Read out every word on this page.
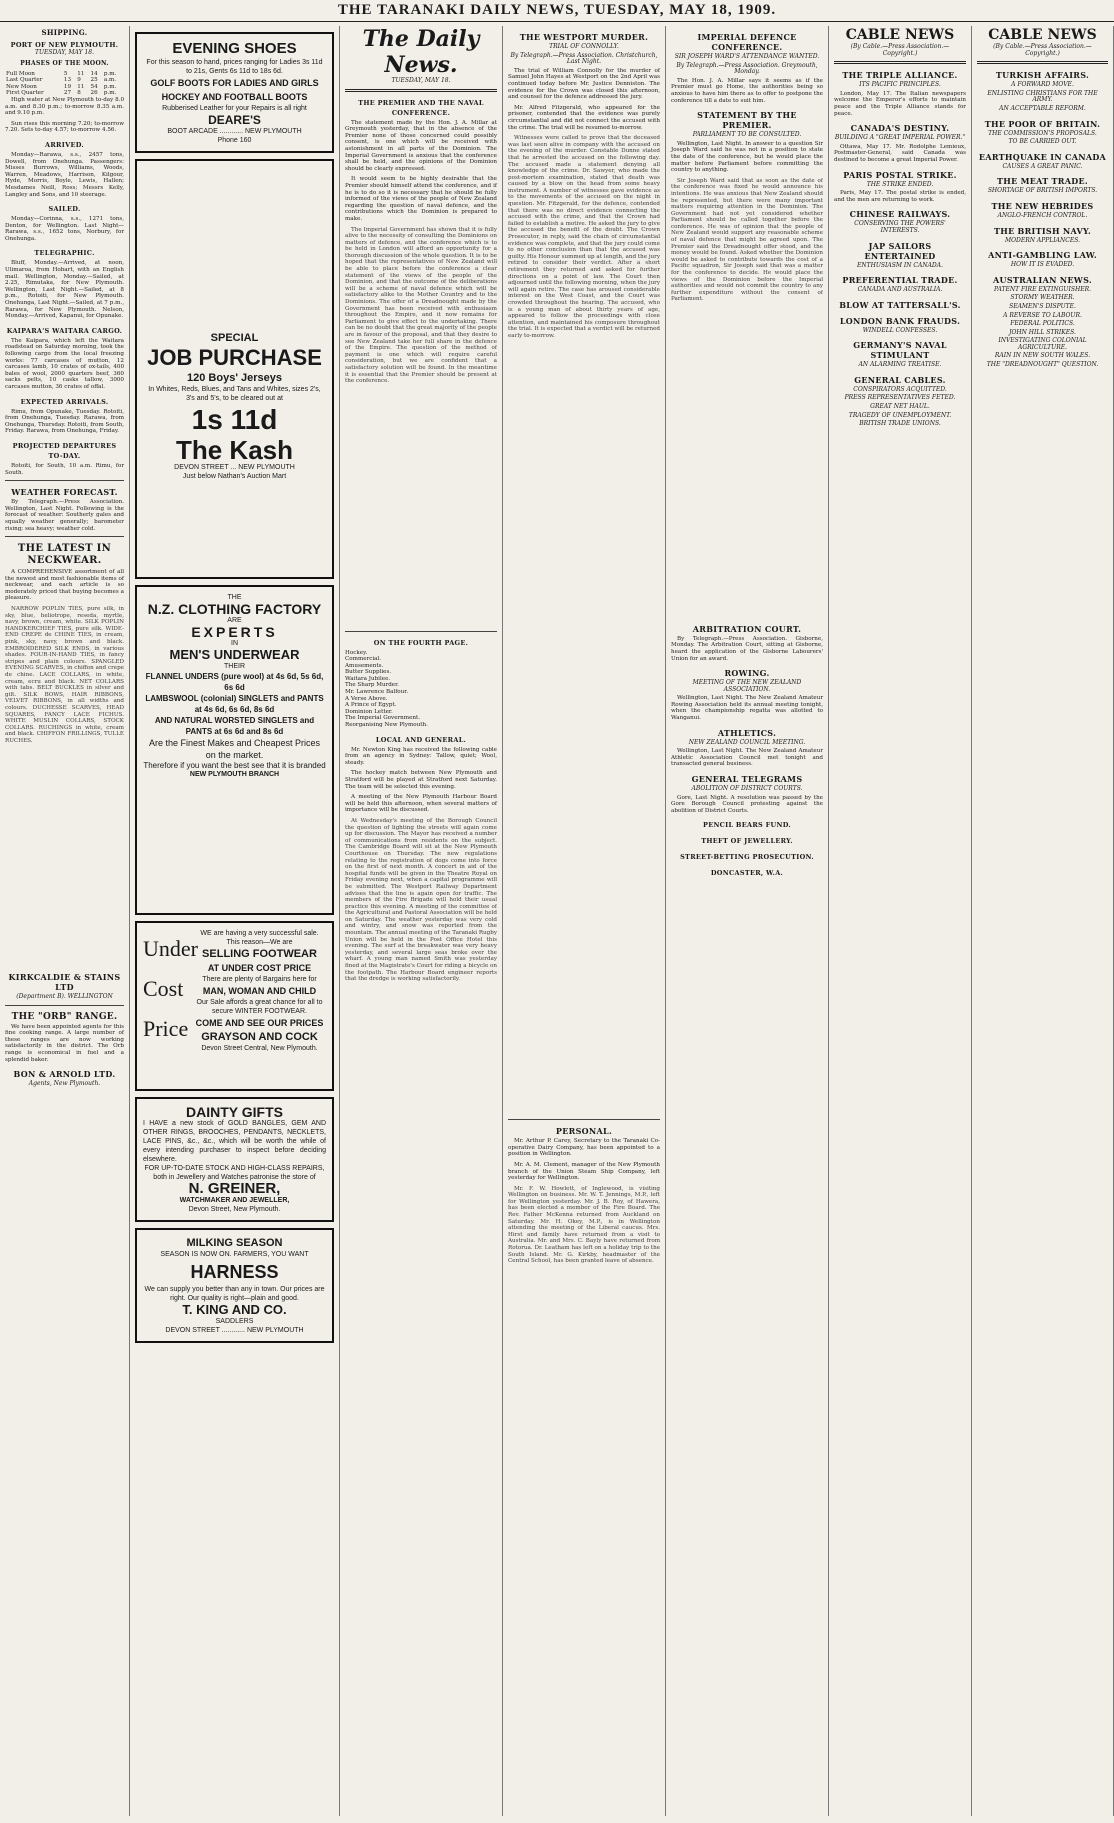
THE TARANAKI DAILY NEWS, TUESDAY, MAY 18, 1909.
SHIPPING.
PORT OF NEW PLYMOUTH.
TUESDAY, MAY 18.
PHASES OF THE MOON.
Full Moon	5	11	14	p.m.
Last Quarter	13	9	25	a.m.
New Moon	19	11	54	p.m.
First Quarter	27	8	26	p.m.

High water at New Plymouth to-day 8.0 a.m. and 8.30 p.m.; to-morrow 8.35 a.m. and 9.10 p.m.

Sun rises this morning 7.20; to-morrow 7.20. Sets to-day 4.57; to-morrow 4.56.

ARRIVED.

Monday—Rarawa, s.s., 2457 tons, Dowell, from Onehunga. Passengers: Misses Burrows, Williams, Woods, Warren, Meadows, Harrison, Kilgour, Hyde, Morris, Boyle, Lewis, Hallen; Mesdames Neill, Ross; Messrs Kelly, Langley and Sons, and 10 steerage.

SAILED.

Monday—Corinna, s.s., 1271 tons, Denton, for Wellington. Last Night—Rarawa, s.s., 1652 tons, Norbury, for Onehunga.

TELEGRAPHIC.

Bluff, Monday.—Arrived, at noon, Ulimaroa, from Hobart, with an English mail. Wellington, Monday.—Sailed, at 2.25, Rimutaka, for New Plymouth. Wellington, Last Night.—Sailed, at 8 p.m., Rotoiti, for New Plymouth. Onehunga, Last Night.—Sailed, at 7 p.m., Rarawa, for New Plymouth. Nelson, Monday.—Arrived, Kapanui, for Opunake.

KAIPARA'S WAITARA CARGO.

The Kaipara, which left the Waitara roadstead on Saturday morning, took the following cargo from the local freezing works: 77 carcases of mutton, 12 carcases lamb, 10 crates of ox-tails, 400 bales of wool, 2000 quarters beef, 360 sacks pelts, 10 casks tallow, 3000 carcases mutton, 36 crates of offal.

EXPECTED ARRIVALS.

Rimu, from Opunake, Tuesday. Rotoiti, from Onehunga, Tuesday. Rarawa, from Onehunga, Thursday. Rotoiti, from South, Friday. Rarawa, from Onehunga, Friday.

PROJECTED DEPARTURES TO-DAY.

Rotoiti, for South, 10 a.m. Rimu, for South.

WEATHER FORECAST.

By Telegraph.—Press Association. Wellington, Last Night. Following is the forecast of weather: Southerly gales and squally weather generally; barometer rising; sea heavy; weather cold.

THE LATEST IN NECKWEAR.

A COMPREHENSIVE assortment of all the newest and most fashionable items of neckwear, and each article is so moderately priced that buying becomes a pleasure.

NARROW POPLIN TIES, pure silk, in sky, blue, heliotrope, reseda, myrtle, navy, brown, cream, white. SILK POPLIN HANDKERCHIEF TIES, pure silk. WIDE-END CREPE de CHINE TIES, in cream, pink, sky, navy, brown and black. EMBROIDERED SILK ENDS, in various shades. FOUR-IN-HAND TIES, in fancy stripes and plain colours. SPANGLED EVENING SCARVES, in chiffon and crepe de chine. LACE COLLARS, in white, cream, ecru and black. NET COLLARS with tabs. BELT BUCKLES in silver and gilt. SILK BOWS, HAIR RIBBONS, VELVET RIBBONS, in all widths and colours. DUCHESSE SCARVES, HEAD SQUARES, FANCY LACE FICHUS. WHITE MUSLIN COLLARS, STOCK COLLARS. RUCHINGS in white, cream and black. CHIFFON FRILLINGS, TULLE RUCHES.

KIRKCALDIE & STAINS LTD
(Department B). WELLINGTON
THE "ORB" RANGE.

We have been appointed agents for this fine cooking range. A large number of these ranges are now working satisfactorily in the district. The Orb range is economical in fuel and a splendid baker.

BON & ARNOLD LTD.
Agents, New Plymouth.
EVENING SHOES
For this season to hand, prices ranging for Ladies 3s 11d to 21s, Gents 6s 11d to 18s 6d.
GOLF BOOTS FOR LADIES AND GIRLS
HOCKEY AND FOOTBALL BOOTS
Rubberised Leather for your Repairs is all right
DEARE'S
BOOT ARCADE ............ NEW PLYMOUTH
Phone 160
SPECIAL
JOB PURCHASE
120 Boys' Jerseys
In Whites, Reds, Blues, and Tans and Whites, sizes 2's, 3's and 5's, to be cleared out at
1s 11d
The Kash
DEVON STREET ... NEW PLYMOUTH
Just below Nathan's Auction Mart
THE
N.Z. CLOTHING FACTORY
ARE
EXPERTS
IN
MEN'S UNDERWEAR
THEIR
FLANNEL UNDERS (pure wool) at 4s 6d, 5s 6d, 6s 6d
LAMBSWOOL (colonial) SINGLETS and PANTS at 4s 6d, 6s 6d, 8s 6d
AND NATURAL WORSTED SINGLETS and PANTS at 6s 6d and 8s 6d
Are the Finest Makes and Cheapest Prices on the market.
Therefore if you want the best see that it is branded
NEW PLYMOUTH BRANCH
Under
Cost
Price
WE are having a very successful sale. This reason—We are
SELLING FOOTWEAR
AT UNDER COST PRICE
There are plenty of Bargains here for
MAN, WOMAN AND CHILD
Our Sale affords a great chance for all to secure WINTER FOOTWEAR.
COME AND SEE OUR PRICES
GRAYSON AND COCK
Devon Street Central, New Plymouth.
DAINTY GIFTS
I HAVE a new stock of GOLD BANGLES, GEM AND OTHER RINGS, BROOCHES, PENDANTS, NECKLETS, LACE PINS, &c., &c., which will be worth the while of every intending purchaser to inspect before deciding elsewhere.
FOR UP-TO-DATE STOCK AND HIGH-CLASS REPAIRS, both in Jewellery and Watches patronise the store of
N. GREINER,
WATCHMAKER AND JEWELLER,
Devon Street, New Plymouth.
MILKING SEASON
SEASON IS NOW ON. FARMERS, YOU WANT
HARNESS
We can supply you better than any in town. Our prices are right. Our quality is right—plain and good.
T. KING AND CO.
SADDLERS
DEVON STREET ............ NEW PLYMOUTH
The Daily News.
TUESDAY, MAY 18.
THE PREMIER AND THE NAVAL CONFERENCE.

The statement made by the Hon. J. A. Millar at Greymouth yesterday, that in the absence of the Premier none of those concerned could possibly consent, is one which will be received with astonishment in all parts of the Dominion. The Imperial Government is anxious that the conference shall be held, and the opinions of the Dominion should be clearly expressed.

It would seem to be highly desirable that the Premier should himself attend the conference, and if he is to do so it is necessary that he should be fully informed of the views of the people of New Zealand regarding the question of naval defence, and the contributions which the Dominion is prepared to make.

The Imperial Government has shown that it is fully alive to the necessity of consulting the Dominions on matters of defence, and the conference which is to be held in London will afford an opportunity for a thorough discussion of the whole question. It is to be hoped that the representatives of New Zealand will be able to place before the conference a clear statement of the views of the people of the Dominion, and that the outcome of the deliberations will be a scheme of naval defence which will be satisfactory alike to the Mother Country and to the Dominions. The offer of a Dreadnought made by the Government has been received with enthusiasm throughout the Empire, and it now remains for Parliament to give effect to the undertaking. There can be no doubt that the great majority of the people are in favour of the proposal, and that they desire to see New Zealand take her full share in the defence of the Empire. The question of the method of payment is one which will require careful consideration, but we are confident that a satisfactory solution will be found. In the meantime it is essential that the Premier should be present at the conference.

ON THE FOURTH PAGE.
Hockey.
Commercial.
Amusements.
Butter Supplies.
Waitara Jubilee.
The Sharp Murder.
Mr. Lawrence Balfour.
A Verse Above.
A Prince of Egypt.
Dominion Letter.
The Imperial Government.
Reorganising New Plymouth.
LOCAL AND GENERAL.

Mr. Newton King has received the following cable from an agency in Sydney: Tallow, quiet; Wool, steady.

The hockey match between New Plymouth and Stratford will be played at Stratford next Saturday. The team will be selected this evening.

A meeting of the New Plymouth Harbour Board will be held this afternoon, when several matters of importance will be discussed.

At Wednesday's meeting of the Borough Council the question of lighting the streets will again come up for discussion. The Mayor has received a number of communications from residents on the subject. The Cambridge Board will sit at the New Plymouth Courthouse on Thursday. The new regulations relating to the registration of dogs come into force on the first of next month. A concert in aid of the hospital funds will be given in the Theatre Royal on Friday evening next, when a capital programme will be submitted. The Westport Railway Department advises that the line is again open for traffic. The members of the Fire Brigade will hold their usual practice this evening. A meeting of the committee of the Agricultural and Pastoral Association will be held on Saturday. The weather yesterday was very cold and wintry, and snow was reported from the mountain. The annual meeting of the Taranaki Rugby Union will be held in the Post Office Hotel this evening. The surf at the breakwater was very heavy yesterday, and several large seas broke over the wharf. A young man named Smith was yesterday fined at the Magistrate's Court for riding a bicycle on the footpath. The Harbour Board engineer reports that the dredge is working satisfactorily.

THE WESTPORT MURDER.
TRIAL OF CONNOLLY.
By Telegraph.—Press Association. Christchurch, Last Night.

The trial of William Connolly for the murder of Samuel John Hayes at Westport on the 2nd April was continued today before Mr. Justice Denniston. The evidence for the Crown was closed this afternoon, and counsel for the defence addressed the jury.

Mr. Alfred Fitzgerald, who appeared for the prisoner, contended that the evidence was purely circumstantial and did not connect the accused with the crime. The trial will be resumed to-morrow.

Witnesses were called to prove that the deceased was last seen alive in company with the accused on the evening of the murder. Constable Dunne stated that he arrested the accused on the following day. The accused made a statement denying all knowledge of the crime. Dr. Sawyer, who made the post-mortem examination, stated that death was caused by a blow on the head from some heavy instrument. A number of witnesses gave evidence as to the movements of the accused on the night in question. Mr. Fitzgerald, for the defence, contended that there was no direct evidence connecting the accused with the crime, and that the Crown had failed to establish a motive. He asked the jury to give the accused the benefit of the doubt. The Crown Prosecutor, in reply, said the chain of circumstantial evidence was complete, and that the jury could come to no other conclusion than that the accused was guilty. His Honour summed up at length, and the jury retired to consider their verdict. After a short retirement they returned and asked for further directions on a point of law. The Court then adjourned until the following morning, when the jury will again retire. The case has aroused considerable interest on the West Coast, and the Court was crowded throughout the hearing. The accused, who is a young man of about thirty years of age, appeared to follow the proceedings with close attention, and maintained his composure throughout the trial. It is expected that a verdict will be returned early to-morrow.

PERSONAL.

Mr. Arthur P. Carey, Secretary to the Taranaki Co-operative Dairy Company, has been appointed to a position in Wellington.

Mr. A. M. Clement, manager of the New Plymouth branch of the Union Steam Ship Company, left yesterday for Wellington.

Mr. F. W. Howlett, of Inglewood, is visiting Wellington on business. Mr. W. T. Jennings, M.P., left for Wellington yesterday. Mr. J. B. Roy, of Hawera, has been elected a member of the Fire Board. The Rev. Father McKenna returned from Auckland on Saturday. Mr. H. Okey, M.P., is in Wellington attending the meeting of the Liberal caucus. Mrs. Hirst and family have returned from a visit to Australia. Mr. and Mrs. C. Bayly have returned from Rotorua. Dr. Leatham has left on a holiday trip to the South Island. Mr. G. Kirkby, headmaster of the Central School, has been granted leave of absence.

IMPERIAL DEFENCE CONFERENCE.
SIR JOSEPH WARD'S ATTENDANCE WANTED.
By Telegraph.—Press Association. Greymouth, Monday.

The Hon. J. A. Millar says it seems as if the Premier must go Home, the authorities being so anxious to have him there as to offer to postpone the conference till a date to suit him.

STATEMENT BY THE PREMIER.
PARLIAMENT TO BE CONSULTED.

Wellington, Last Night. In answer to a question Sir Joseph Ward said he was not in a position to state the date of the conference, but he would place the matter before Parliament before committing the country to anything.

Sir Joseph Ward said that as soon as the date of the conference was fixed he would announce his intentions. He was anxious that New Zealand should be represented, but there were many important matters requiring attention in the Dominion. The Government had not yet considered whether Parliament should be called together before the conference. He was of opinion that the people of New Zealand would support any reasonable scheme of naval defence that might be agreed upon. The Premier said the Dreadnought offer stood, and the money would be found. Asked whether the Dominion would be asked to contribute towards the cost of a Pacific squadron, Sir Joseph said that was a matter for the conference to decide. He would place the views of the Dominion before the Imperial authorities and would not commit the country to any further expenditure without the consent of Parliament.

ARBITRATION COURT.

By Telegraph.—Press Association. Gisborne, Monday. The Arbitration Court, sitting at Gisborne, heard the application of the Gisborne Labourers' Union for an award.

ROWING.
MEETING OF THE NEW ZEALAND ASSOCIATION.

Wellington, Last Night. The New Zealand Amateur Rowing Association held its annual meeting tonight, when the championship regatta was allotted to Wanganui.

ATHLETICS.
NEW ZEALAND COUNCIL MEETING.

Wellington, Last Night. The New Zealand Amateur Athletic Association Council met tonight and transacted general business.

GENERAL TELEGRAMS
ABOLITION OF DISTRICT COURTS.

Gore, Last Night. A resolution was passed by the Gore Borough Council protesting against the abolition of District Courts.

PENCIL BEARS FUND.
THEFT OF JEWELLERY.
STREET-BETTING PROSECUTION.
DONCASTER, W.A.
CABLE NEWS
(By Cable.—Press Association.—Copyright.)
THE TRIPLE ALLIANCE.
ITS PACIFIC PRINCIPLES.

London, May 17. The Italian newspapers welcome the Emperor's efforts to maintain peace and the Triple Alliance stands for peace.

CANADA'S DESTINY.
BUILDING A "GREAT IMPERIAL POWER."

Ottawa, May 17. Mr. Rodolphe Lemieux, Postmaster-General, said Canada was destined to become a great Imperial Power.

PARIS POSTAL STRIKE.
THE STRIKE ENDED.

Paris, May 17. The postal strike is ended, and the men are returning to work.

CHINESE RAILWAYS.
CONSERVING THE POWERS' INTERESTS.
JAP SAILORS ENTERTAINED
ENTHUSIASM IN CANADA.
PREFERENTIAL TRADE.
CANADA AND AUSTRALIA.
BLOW AT TATTERSALL'S.
LONDON BANK FRAUDS.
WINDELL CONFESSES.
GERMANY'S NAVAL STIMULANT
AN ALARMING TREATISE.
GENERAL CABLES.
CONSPIRATORS ACQUITTED.
PRESS REPRESENTATIVES FETED.
GREAT NET HAUL.
TRAGEDY OF UNEMPLOYMENT.
BRITISH TRADE UNIONS.
CABLE NEWS
(By Cable.—Press Association.—Copyright.)
TURKISH AFFAIRS.
A FORWARD MOVE.
ENLISTING CHRISTIANS FOR THE ARMY.
AN ACCEPTABLE REFORM.
THE POOR OF BRITAIN.
THE COMMISSION'S PROPOSALS.
TO BE CARRIED OUT.
EARTHQUAKE IN CANADA
CAUSES A GREAT PANIC.
THE MEAT TRADE.
SHORTAGE OF BRITISH IMPORTS.
THE NEW HEBRIDES
ANGLO-FRENCH CONTROL.
THE BRITISH NAVY.
MODERN APPLIANCES.
ANTI-GAMBLING LAW.
HOW IT IS EVADED.
AUSTRALIAN NEWS.
PATENT FIRE EXTINGUISHER.
STORMY WEATHER.
SEAMEN'S DISPUTE.
A REVERSE TO LABOUR.
FEDERAL POLITICS.
JOHN HILL STRIKES.
INVESTIGATING COLONIAL AGRICULTURE.
RAIN IN NEW SOUTH WALES.
THE "DREADNOUGHT" QUESTION.
